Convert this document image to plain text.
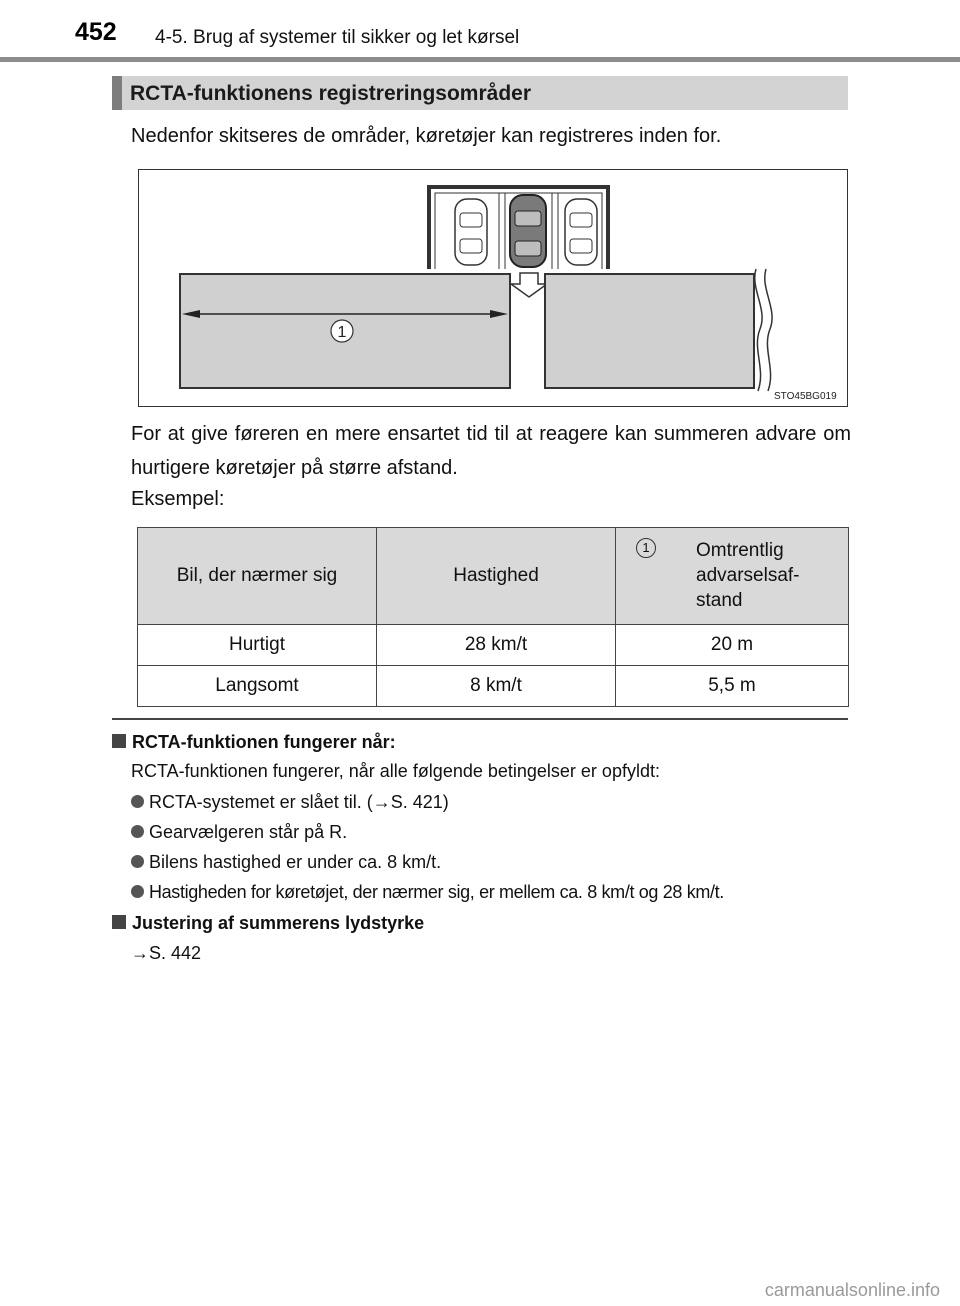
452 4-5. Brug af systemer til sikker og let kørsel
RCTA-funktionens registreringsområder
Nedenfor skitseres de områder, køretøjer kan registreres inden for.
1
STO45BG019
For at give føreren en mere ensartet tid til at reagere kan summeren advare om hurtigere køretøjer på større afstand.
Eksempel:
Bil, der nærmer sig	Hastighed	1 Omtrentlig
advarselsaf-
stand

Hurtigt	28 km/t	20 m
Langsomt	8 km/t	5,5 m
RCTA-funktionen fungerer når:
RCTA-funktionen fungerer, når alle følgende betingelser er opfyldt:
RCTA-systemet er slået til. (→S. 421)
Gearvælgeren står på R.
Bilens hastighed er under ca. 8 km/t.
Hastigheden for køretøjet, der nærmer sig, er mellem ca. 8 km/t og 28 km/t.
Justering af summerens lydstyrke
→S. 442
carmanualsonline.info
